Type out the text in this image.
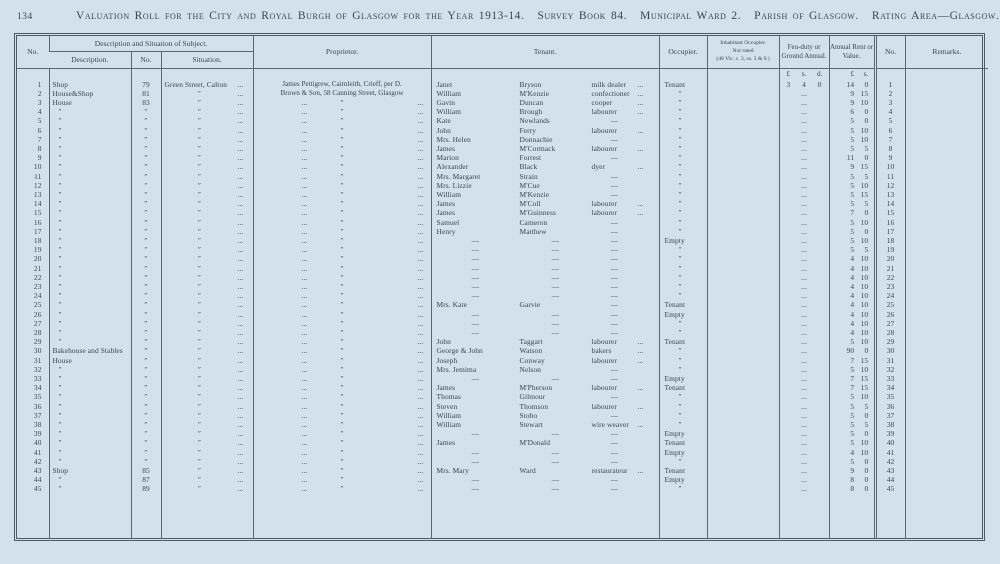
134	Valuation Roll for the City and Royal Burgh of Glasgow for the Year 1913-14. Survey Book 84. Municipal Ward 2. Parish of Glasgow. Rating Area—Glasgow.
No.	Description and Situation of Subject.			Proprietor.	Tenant.	Occupier.	Inhabitant Occupier.
Not rated
(48 Vic. c. 3, ss. 3 & 9.)	Feu-duty or Ground Annual.	Annual Rent or Value.	No.	Remarks.
	Description.	No.	Situation.								
								£ s. d.	£ s.		
1	Shop	79	Green Street, Calton ...	James Pettigrew, Cairnleith, Crieff, per D.	Janet Bryson milk dealer ...	Tenant		3 4 0	14 0	1	
2	House&Shop	81	″ ...	Brown & Son, 58 Canning Street, Glasgow	William M'Kenzie confectioner ...	″		...	9 15	2	
3	House	83	″ ...	... ″ ...	Gavin Duncan cooper ...	″		...	9 10	3	
4	″	″	″ ...	... ″ ...	William Brough labourer ...	″		...	6 0	4	
5	″	″	″ ...	... ″ ...	Kate Newlands —	″		...	5 0	5	
6	″	″	″ ...	... ″ ...	John Ferry labourer ...	″		...	5 10	6	
7	″	″	″ ...	... ″ ...	Mrs. Helen Donnachie —	″		...	5 10	7	
8	″	″	″ ...	... ″ ...	James M'Cormack labourer ...	″		...	5 5	8	
9	″	″	″ ...	... ″ ...	Marion Forrest —	″		...	11 0	9	
10	″	″	″ ...	... ″ ...	Alexander Black dyer ...	″		...	9 15	10	
11	″	″	″ ...	... ″ ...	Mrs. Margaret Strain —	″		...	5 5	11	
12	″	″	″ ...	... ″ ...	Mrs. Lizzie M'Cue —	″		...	5 10	12	
13	″	″	″ ...	... ″ ...	William M'Kenzie —	″		...	5 15	13	
14	″	″	″ ...	... ″ ...	James M'Coll labourer ...	″		...	5 5	14	
15	″	″	″ ...	... ″ ...	James M'Guinness labourer ...	″		...	7 0	15	
16	″	″	″ ...	... ″ ...	Samuel Cameron —	″		...	5 10	16	
17	″	″	″ ...	... ″ ...	Henry Matthew —	″		...	5 0	17	
18	″	″	″ ...	... ″ ...	— — —	Empty		...	5 10	18	
19	″	″	″ ...	... ″ ...	— — —	″		...	5 5	19	
20	″	″	″ ...	... ″ ...	— — —	″		...	4 10	20	
21	″	″	″ ...	... ″ ...	— — —	″		...	4 10	21	
22	″	″	″ ...	... ″ ...	— — —	″		...	4 10	22	
23	″	″	″ ...	... ″ ...	— — —	″		...	4 10	23	
24	″	″	″ ...	... ″ ...	— — —	″		...	4 10	24	
25	″	″	″ ...	... ″ ...	Mrs. Kate Garvie —	Tenant		...	4 10	25	
26	″	″	″ ...	... ″ ...	— — —	Empty		...	4 10	26	
27	″	″	″ ...	... ″ ...	— — —	″		...	4 10	27	
28	″	″	″ ...	... ″ ...	— — —	″		...	4 10	28	
29	″	″	″ ...	... ″ ...	John Taggart labourer ...	Tenant		...	5 10	29	
30	Bakehouse and Stables	″	″ ...	... ″ ...	George & John Watson bakers ...	″		...	90 0	30	
31	House	″	″ ...	... ″ ...	Joseph Conway labourer ...	″		...	7 15	31	
32	″	″	″ ...	... ″ ...	Mrs. Jemima Nelson —	″		...	5 10	32	
33	″	″	″ ...	... ″ ...	— — —	Empty		...	7 15	33	
34	″	″	″ ...	... ″ ...	James M'Pherson labourer ...	Tenant		...	7 15	34	
35	″	″	″ ...	... ″ ...	Thomas Gilmour —	″		...	5 10	35	
36	″	″	″ ...	... ″ ...	Steven Thomson labourer ...	″		...	5 5	36	
37	″	″	″ ...	... ″ ...	William Stobo —	″		...	5 0	37	
38	″	″	″ ...	... ″ ...	William Stewart wire weaver ...	″		...	5 5	38	
39	″	″	″ ...	... ″ ...	— — —	Empty		...	5 0	39	
40	″	″	″ ...	... ″ ...	James M'Donald —	Tenant		...	5 10	40	
41	″	″	″ ...	... ″ ...	— — —	Empty		...	4 10	41	
42	″	″	″ ...	... ″ ...	— — —	″		...	5 0	42	
43	Shop	85	″ ...	... ″ ...	Mrs. Mary Ward restaurateur ...	Tenant		...	9 0	43	
44	″	87	″ ...	... ″ ...	— — —	Empty		...	8 0	44	
45	″	89	″ ...	... ″ ...	— — —	″		...	8 0	45	
